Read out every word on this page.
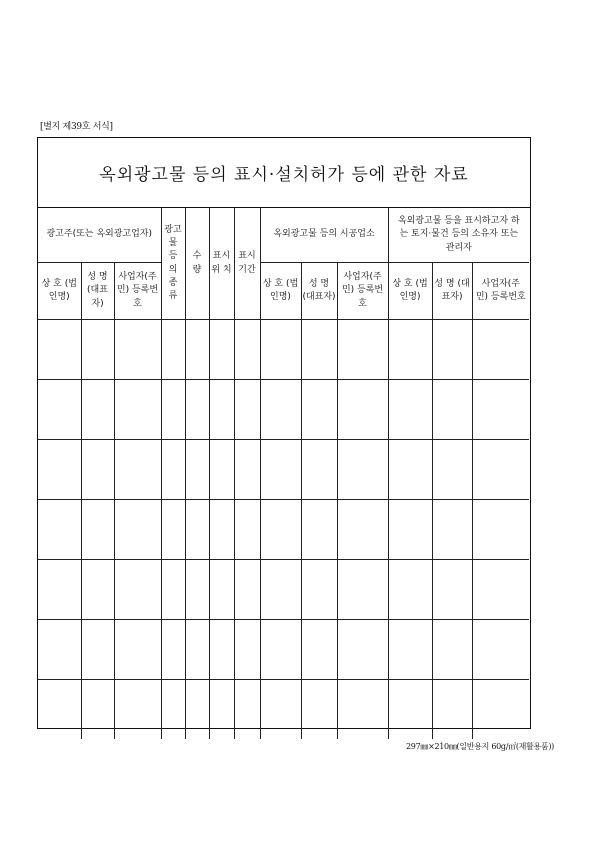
[별지 제39호 서식]
옥외광고물 등의 표시·설치허가 등에 관한 자료
광고주(또는 옥외광고업자)			광고물 등 의 종 류	수 량	표시위 치	표시 기간	옥외광고물 등의 시공업소			옥외광고물 등을 표시하고자 하는 토지·물건 등의 소유자 또는 관리자		

상 호 (법인명)	성 명 (대표자)	사업자(주민) 등록번호					상 호 (법인명)	성 명 (대표자)	사업자(주민) 등록번호	상 호 (법인명)	성 명 (대표자)	사업자(주민) 등록번호

297㎜×210㎜(일반용지 60g/㎡(재활용품))
